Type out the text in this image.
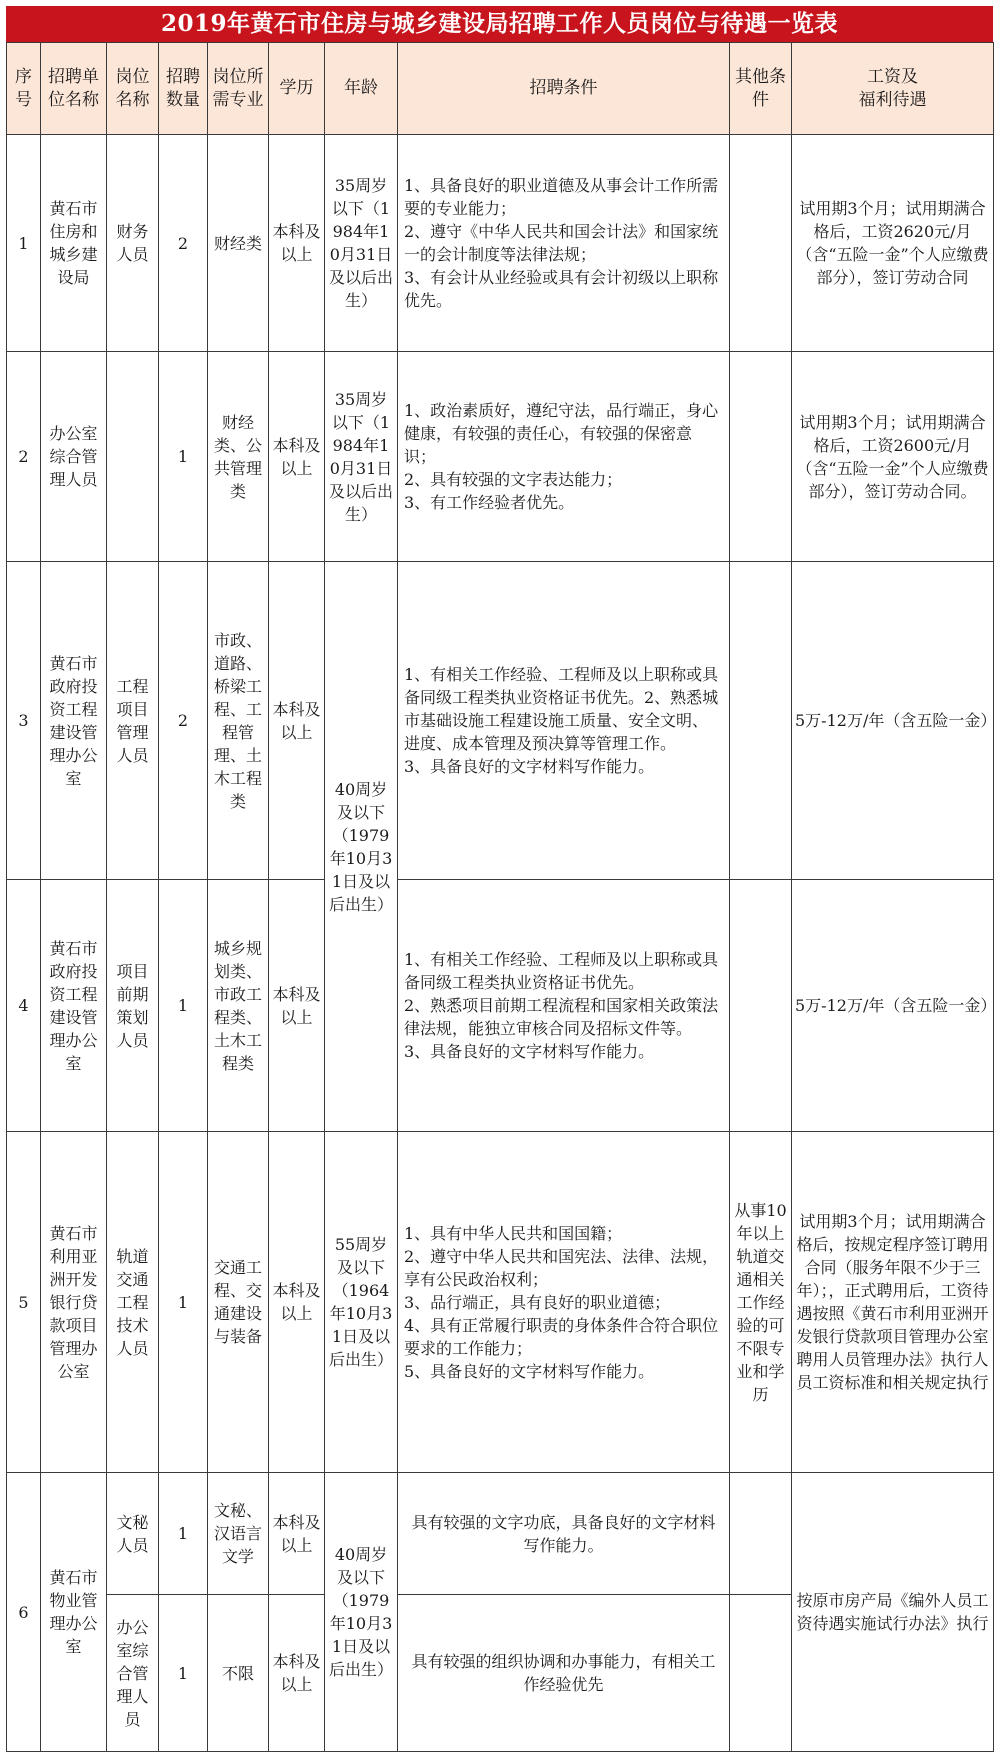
2019年黄石市住房与城乡建设局招聘工作人员岗位与待遇一览表
序号	招聘单位名称	岗位名称	招聘数量	岗位所需专业	学历	年龄	招聘条件	其他条件	工资及
福利待遇
1	黄石市住房和城乡建设局	财务人员	2	财经类	本科及以上	35周岁以下（1984年10月31日及以后出生）	1、具备良好的职业道德及从事会计工作所需要的专业能力；
2、遵守《中华人民共和国会计法》和国家统一的会计制度等法律法规；
3、有会计从业经验或具有会计初级以上职称优先。		试用期3个月；试用期满合格后，工资2620元/月（含“五险一金”个人应缴费部分），签订劳动合同
2	办公室综合管理人员		1	财经类、公共管理类	本科及以上	35周岁以下（1984年10月31日及以后出生）	1、政治素质好，遵纪守法，品行端正，身心健康，有较强的责任心，有较强的保密意识；
2、具有较强的文字表达能力；
3、有工作经验者优先。		试用期3个月；试用期满合格后，工资2600元/月（含“五险一金”个人应缴费部分），签订劳动合同。
3	黄石市政府投资工程建设管理办公室	工程项目管理人员	2	市政、道路、桥梁工程、工程管理、土木工程类	本科及以上	40周岁及以下（1979年10月31日及以后出生）	1、有相关工作经验、工程师及以上职称或具备同级工程类执业资格证书优先。2、熟悉城市基础设施工程建设施工质量、安全文明、进度、成本管理及预决算等管理工作。
3、具备良好的文字材料写作能力。		5万-12万/年（含五险一金）
4	黄石市政府投资工程建设管理办公室	项目前期策划人员	1	城乡规划类、市政工程类、土木工程类	本科及以上		1、有相关工作经验、工程师及以上职称或具备同级工程类执业资格证书优先。
2、熟悉项目前期工程流程和国家相关政策法律法规，能独立审核合同及招标文件等。
3、具备良好的文字材料写作能力。		5万-12万/年（含五险一金）
5	黄石市利用亚洲开发银行贷款项目管理办公室	轨道交通工程技术人员	1	交通工程、交通建设与装备	本科及以上	55周岁及以下（1964年10月31日及以后出生）	1、具有中华人民共和国国籍；
2、遵守中华人民共和国宪法、法律、法规，享有公民政治权利；
3、品行端正，具有良好的职业道德；
4、具有正常履行职责的身体条件合符合职位要求的工作能力；
5、具备良好的文字材料写作能力。	从事10年以上轨道交通相关工作经验的可不限专业和学历	试用期3个月；试用期满合格后，按规定程序签订聘用合同（服务年限不少于三年）；，正式聘用后，工资待遇按照《黄石市利用亚洲开发银行贷款项目管理办公室聘用人员管理办法》执行人员工资标准和相关规定执行
6	黄石市物业管理办公室	文秘人员	1	文秘、汉语言文学	本科及以上	40周岁及以下（1979年10月31日及以后出生）	具有较强的文字功底，具备良好的文字材料写作能力。		按原市房产局《编外人员工资待遇实施试行办法》执行
		办公室综合管理人员	1	不限	本科及以上		具有较强的组织协调和办事能力，有相关工作经验优先		
